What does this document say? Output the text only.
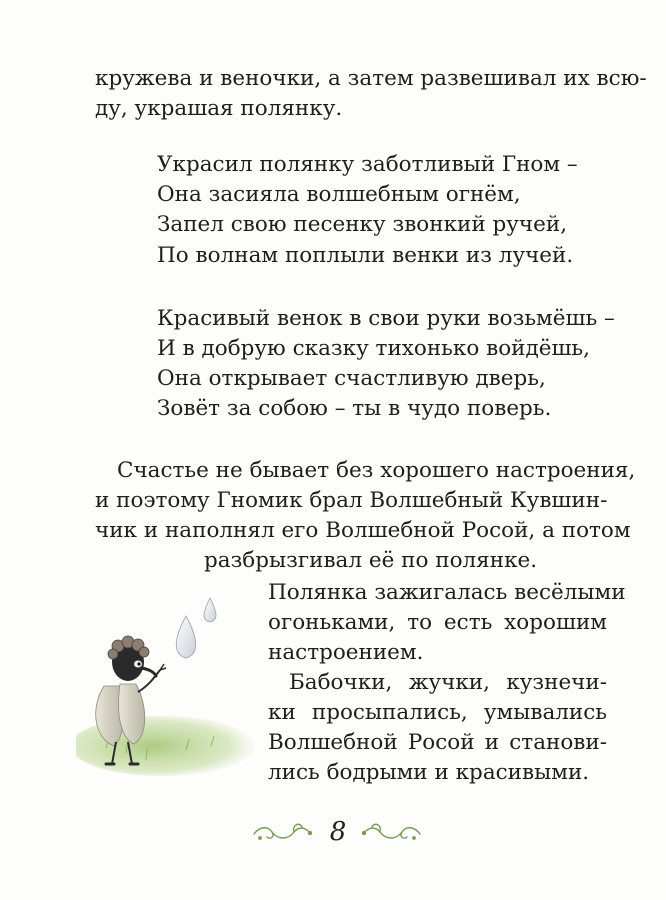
кружева и веночки, а затем развешивал их всю-
ду, украшая полянку.
Украсил полянку заботливый Гном –
Она засияла волшебным огнём,
Запел свою песенку звонкий ручей,
По волнам поплыли венки из лучей.
Красивый венок в свои руки возьмёшь –
И в добрую сказку тихонько войдёшь,
Она открывает счастливую дверь,
Зовёт за собою – ты в чудо поверь.
Счастье не бывает без хорошего настроения,
и поэтому Гномик брал Волшебный Кувшин-
чик и наполнял его Волшебной Росой, а потом
разбрызгивал её по полянке.
Полянка зажигалась весёлыми
огоньками, то есть хорошим
настроением.
Бабочки, жучки, кузнечи-
ки просыпались, умывались
Волшебной Росой и станови-
лись бодрыми и красивыми.
8
